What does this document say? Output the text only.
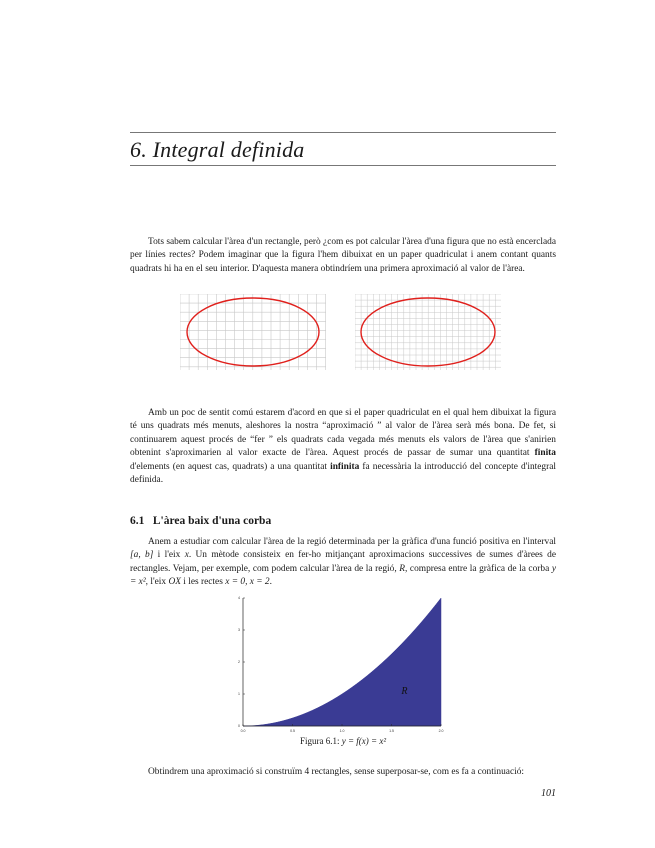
6. Integral definida

Tots sabem calcular l'àrea d'un rectangle, però ¿com es pot calcular l'àrea d'una figura que no està encerclada per línies rectes? Podem imaginar que la figura l'hem dibuixat en un paper quadriculat i anem contant quants quadrats hi ha en el seu interior. D'aquesta manera obtindríem una primera aproximació al valor de l'àrea.

Amb un poc de sentit comú estarem d'acord en que si el paper quadriculat en el qual hem dibuixat la figura té uns quadrats més menuts, aleshores la nostra “aproximació ” al valor de l'àrea serà més bona. De fet, si continuarem aquest procés de “fer ” els quadrats cada vegada més menuts els valors de l'àrea que s'anirien obtenint s'aproximarien al valor exacte de l'àrea. Aquest procés de passar de sumar una quantitat finita d'elements (en aquest cas, quadrats) a una quantitat infinita fa necessària la introducció del concepte d'integral definida.

6.1 L'àrea baix d'una corba

Anem a estudiar com calcular l'àrea de la regió determinada per la gràfica d'una funció positiva en l'interval [a, b] i l'eix x. Un mètode consisteix en fer-ho mitjançant aproximacions successives de sumes d'àrees de rectangles. Vejam, per exemple, com podem calcular l'àrea de la regió, R, compresa entre la gràfica de la corba y = x², l'eix OX i les rectes x = 0, x = 2.

0.0	0.5	1.0	1.5	2.0
0
1
2
3
4
R
Figura 6.1: y = f(x) = x²

Obtindrem una aproximació si construïm 4 rectangles, sense superposar-se, com es fa a continuació:

101
